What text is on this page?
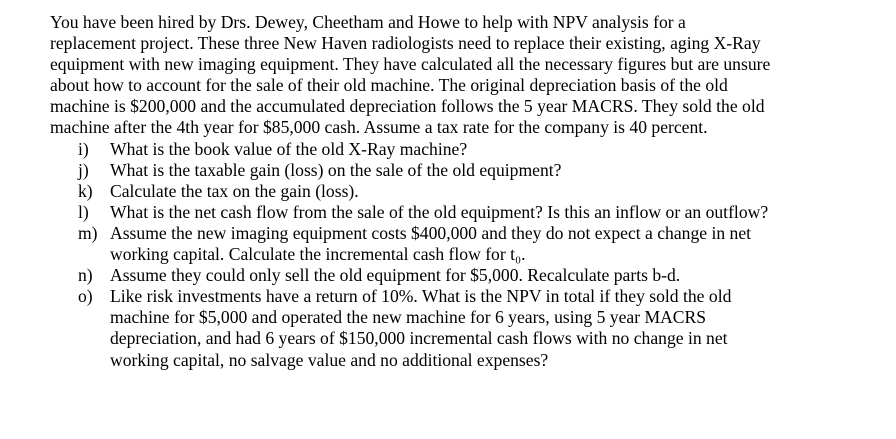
You have been hired by Drs. Dewey, Cheetham and Howe to help with NPV analysis for a
replacement project. These three New Haven radiologists need to replace their existing, aging X-Ray
equipment with new imaging equipment. They have calculated all the necessary figures but are unsure
about how to account for the sale of their old machine. The original depreciation basis of the old
machine is $200,000 and the accumulated depreciation follows the 5 year MACRS. They sold the old
machine after the 4th year for $85,000 cash. Assume a tax rate for the company is 40 percent.

i)	What is the book value of the old X-Ray machine?
j)	What is the taxable gain (loss) on the sale of the old equipment?
k) Calculate the tax on the gain (loss).
l)	What is the net cash flow from the sale of the old equipment? Is this an inflow or an outflow?
m) Assume the new imaging equipment costs $400,000 and they do not expect a change in net
working capital. Calculate the incremental cash flow for t₀.
n) Assume they could only sell the old equipment for $5,000. Recalculate parts b-d.
o) Like risk investments have a return of 10%. What is the NPV in total if they sold the old
machine for $5,000 and operated the new machine for 6 years, using 5 year MACRS
depreciation, and had 6 years of $150,000 incremental cash flows with no change in net
working capital, no salvage value and no additional expenses?
